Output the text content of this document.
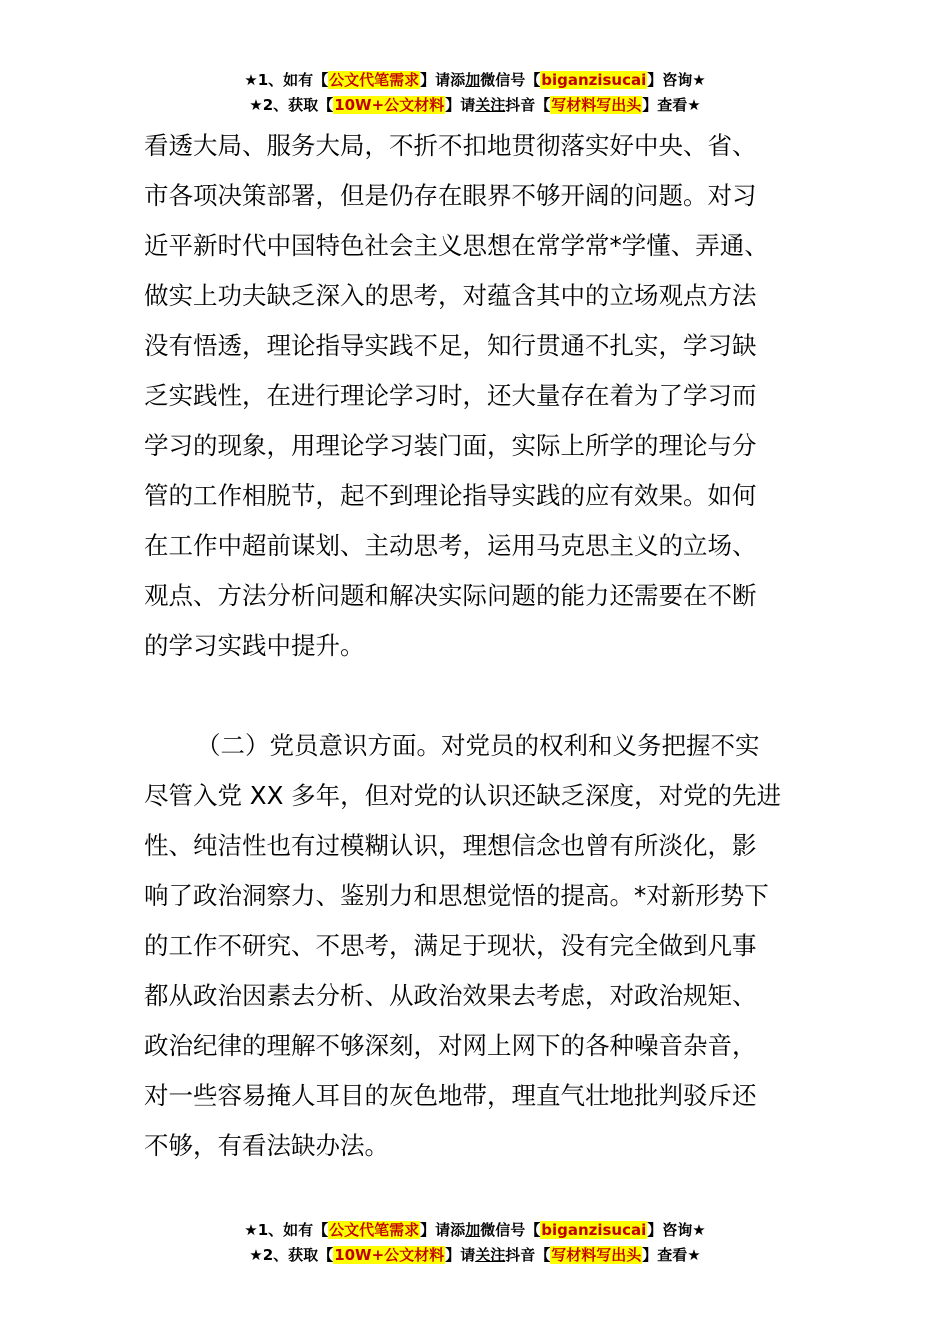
★1、如有【公文代笔需求】请添加微信号【biganzisucai】咨询★
★2、获取【10W+公文材料】请关注抖音【写材料写出头】查看★
看透大局、服务大局，不折不扣地贯彻落实好中央、省、
市各项决策部署，但是仍存在眼界不够开阔的问题。对习
近平新时代中国特色社会主义思想在常学常*学懂、弄通、
做实上功夫缺乏深入的思考，对蕴含其中的立场观点方法
没有悟透，理论指导实践不足，知行贯通不扎实，学习缺
乏实践性，在进行理论学习时，还大量存在着为了学习而
学习的现象，用理论学习装门面，实际上所学的理论与分
管的工作相脱节，起不到理论指导实践的应有效果。如何
在工作中超前谋划、主动思考，运用马克思主义的立场、
观点、方法分析问题和解决实际问题的能力还需要在不断
的学习实践中提升。
（二）党员意识方面。对党员的权利和义务把握不实
尽管入党 XX 多年，但对党的认识还缺乏深度，对党的先进
性、纯洁性也有过模糊认识，理想信念也曾有所淡化，影
响了政治洞察力、鉴别力和思想觉悟的提高。*对新形势下
的工作不研究、不思考，满足于现状，没有完全做到凡事
都从政治因素去分析、从政治效果去考虑，对政治规矩、
政治纪律的理解不够深刻，对网上网下的各种噪音杂音，
对一些容易掩人耳目的灰色地带，理直气壮地批判驳斥还
不够，有看法缺办法。
★1、如有【公文代笔需求】请添加微信号【biganzisucai】咨询★
★2、获取【10W+公文材料】请关注抖音【写材料写出头】查看★
